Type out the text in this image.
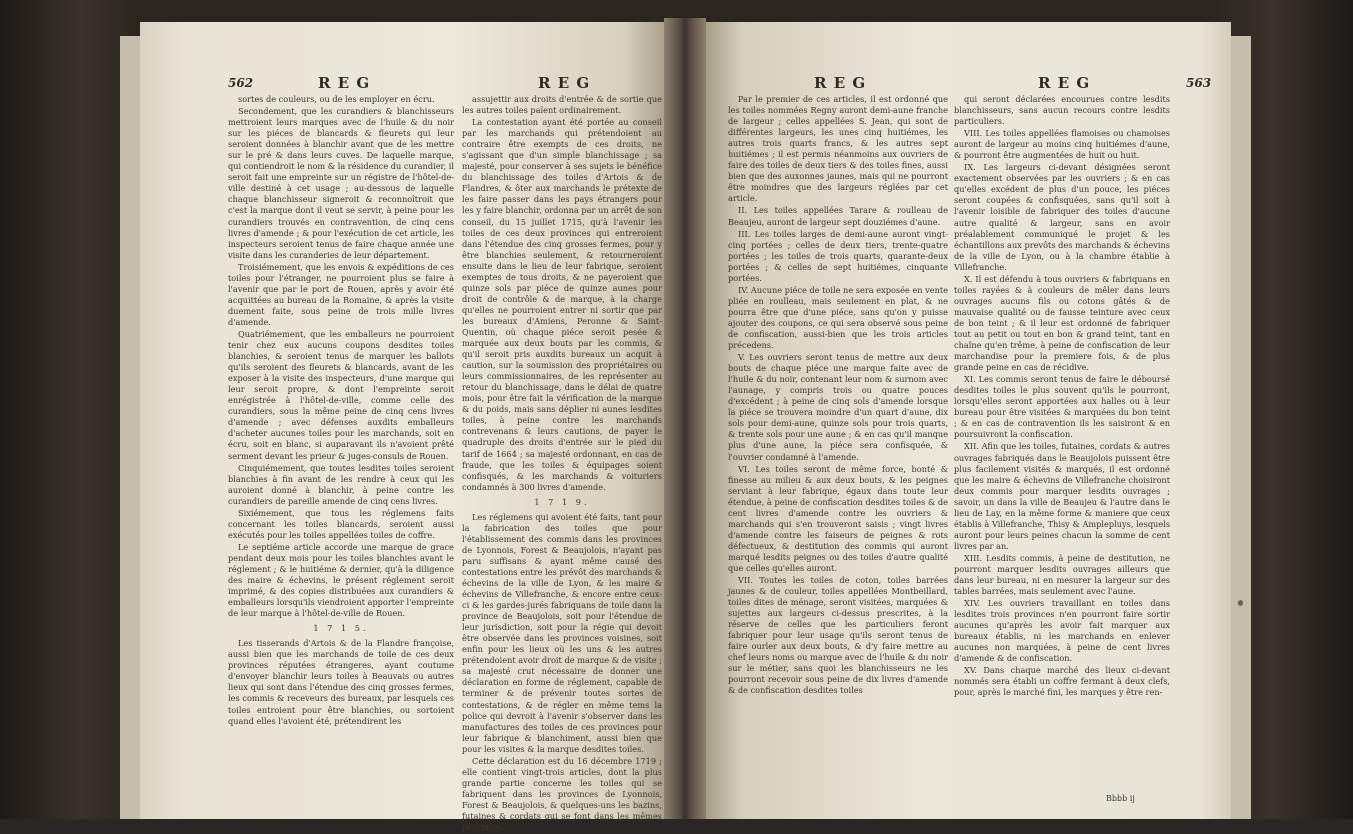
562	R E G	R E G

sortes de couleurs, ou de les employer en écru.

Secondement, que les curandiers & blanchisseurs mettroient leurs marques avec de l'huile & du noir sur les piéces de blancards & fleurets qui leur seroient données à blanchir avant que de les mettre sur le pré & dans leurs cuves. De laquelle marque, qui contiendroit le nom & la résidence du curandier, il seroit fait une empreinte sur un régistre de l'hôtel-de-ville destiné à cet usage ; au-dessous de laquelle chaque blanchisseur signeroit & reconnoîtroit que c'est la marque dont il veut se servir, à peine pour les curandiers trouvés en contravention, de cinq cens livres d'amende ; & pour l'exécution de cet article, les inspecteurs seroient tenus de faire chaque année une visite dans les curanderies de leur département.

Troisiémement, que les envois & expéditions de ces toiles pour l'étranger, ne pourroient plus se faire à l'avenir que par le port de Rouen, après y avoir été acquittées au bureau de la Romaine, & après la visite duement faite, sous peine de trois mille livres d'amende.

Quatriémement, que les emballeurs ne pourroient tenir chez eux aucuns coupons desdites toiles blanchies, & seroient tenus de marquer les ballots qu'ils seroient des fleurets & blancards, avant de les exposer à la visite des inspecteurs, d'une marque qui leur seroit propre, & dont l'empreinte seroit enrégistrée à l'hôtel-de-ville, comme celle des curandiers, sous la même peine de cinq cens livres d'amende ; avec défenses auxdits emballeurs d'acheter aucunes toiles pour les marchands, soit en écru, soit en blanc, si auparavant ils n'avoient prêté serment devant les prieur & juges-consuls de Rouen.

Cinquiémement, que toutes lesdites toiles seroient blanchies à fin avant de les rendre à ceux qui les auroient donné à blanchir, à peine contre les curandiers de pareille amende de cinq cens livres.

Sixiémement, que tous les réglemens faits concernant les toiles blancards, seroient aussi exécutés pour les toiles appellées toiles de coffre.

Le septiéme article accorde une marque de grace pendant deux mois pour les toiles blanchies avant le réglement ; & le huitiéme & dernier, qu'à la diligence des maire & échevins, le présent réglement seroit imprimé, & des copies distribuées aux curandiers & emballeurs lorsqu'ils viendroient apporter l'empreinte de leur marque à l'hôtel-de-ville de Rouen.

1 7 1 5.

Les tisserands d'Artois & de la Flandre françoise, aussi bien que les marchands de toile de ces deux provinces réputées étrangeres, ayant coutume d'envoyer blanchir leurs toiles à Beauvais ou autres lieux qui sont dans l'étendue des cinq grosses fermes, les commis & receveurs des bureaux, par lesquels ces toiles entroient pour être blanchies, ou sortoient quand elles l'avoient été, prétendirent les

assujettir aux droits d'entrée & de sortie que les autres toiles païent ordinairement.

La contestation ayant été portée au conseil par les marchands qui prétendoient au contraire être exempts de ces droits, ne s'agissant que d'un simple blanchissage ; sa majesté, pour conserver à ses sujets le bénéfice du blanchissage des toiles d'Artois & de Flandres, & ôter aux marchands le prétexte de les faire passer dans les pays étrangers pour les y faire blanchir, ordonna par un arrêt de son conseil, du 15 juillet 1715, qu'à l'avenir les toiles de ces deux provinces qui entreroient dans l'étendue des cinq grosses fermes, pour y être blanchies seulement, & retourneroient ensuite dans le lieu de leur fabrique, seroient exemptes de tous droits, & ne payeroient que quinze sols par piéce de quinze aunes pour droit de contrôle & de marque, à la charge qu'elles ne pourroient entrer ni sortir que par les bureaux d'Amiens, Peronne & Saint-Quentin, où chaque piéce seroit pesée & marquée aux deux bouts par les commis, & qu'il seroit pris auxdits bureaux un acquit à caution, sur la soumission des propriétaires ou leurs commissionnaires, de les représenter au retour du blanchissage, dans le délai de quatre mois, pour être fait la vérification de la marque & du poids, mais sans déplier ni aunes lesdites toiles, à peine contre les marchands contrevenans & leurs cautions, de payer le quadruple des droits d'entrée sur le pied du tarif de 1664 ; sa majesté ordonnant, en cas de fraude, que les toiles & équipages soient confisqués, & les marchands & voituriers condamnés à 300 livres d'amende.

1 7 1 9.

Les réglemens qui avoient été faits, tant pour la fabrication des toiles que pour l'établissement des commis dans les provinces de Lyonnois, Forest & Beaujolois, n'ayant pas paru suffisans & ayant même causé des contestations entre les prévôt des marchands & échevins de la ville de Lyon, & les maire & échevins de Villefranche, & encore entre ceux-ci & les gardes-jurés fabriquans de toile dans la province de Beaujolois, soit pour l'étendue de leur jurisdiction, soit pour la régie qui devoit être observée dans les provinces voisines, soit enfin pour les lieux où les uns & les autres prétendoient avoir droit de marque & de visite ; sa majesté crut nécessaire de donner une déclaration en forme de réglement, capable de terminer & de prévenir toutes sortes de contestations, & de régler en même tems la police qui devroit à l'avenir s'observer dans les manufactures des toiles de ces provinces pour leur fabrique & blanchiment, aussi bien que pour les visites & la marque desdites toiles.

Cette déclaration est du 16 décembre 1719 ; elle contient vingt-trois articles, dont la plus grande partie concerne les toiles qui se fabriquent dans les provinces de Lyonnois, Forest & Beaujolois, & quelques-uns les bazins, futaines & cordats qui se font dans les mêmes provinces.

R E G	R E G	563

Par le premier de ces articles, il est ordonné que les toiles nommées Regny auront demi-aune franche de largeur ; celles appellées S. Jean, qui sont de différentes largeurs, les unes cinq huitiémes, les autres trois quarts francs, & les autres sept huitiémes ; il est permis néanmoins aux ouvriers de faire des toiles de deux tiers & des toiles fines, aussi bien que des auxonnes jaunes, mais qui ne pourront être moindres que des largeurs réglées par cet article.

II. Les toiles appellées Tarare & roulleau de Beaujeu, auront de largeur sept douziémes d'aune.

III. Les toiles larges de demi-aune auront vingt-cinq portées ; celles de deux tiers, trente-quatre portées ; les toiles de trois quarts, quarante-deux portées ; & celles de sept huitiémes, cinquante portées.

IV. Aucune piéce de toile ne sera exposée en vente pliée en roulleau, mais seulement en plat, & ne pourra être que d'une piéce, sans qu'on y puisse ajouter des coupons, ce qui sera observé sous peine de confiscation, aussi-bien que les trois articles précedens.

V. Les ouvriers seront tenus de mettre aux deux bouts de chaque piéce une marque faite avec de l'huile & du noir, contenant leur nom & surnom avec l'aunage, y compris trois ou quatre pouces d'excédent ; à peine de cinq sols d'amende lorsque la piéce se trouvera moindre d'un quart d'aune, dix sols pour demi-aune, quinze sols pour trois quarts, & trente sols pour une aune ; & en cas qu'il manque plus d'une aune, la piéce sera confisquée, & l'ouvrier condamné à l'amende.

VI. Les toiles seront de même force, bonté & finesse au milieu & aux deux bouts, & les peignes serviant à leur fabrique, égaux dans toute leur étendue, à peine de confiscation desdites toiles & de cent livres d'amende contre les ouvriers & marchands qui s'en trouveront saisis ; vingt livres d'amende contre les faiseurs de peignes & rots défectueux, & destitution des commis qui auront marqué lesdits peignes ou des toiles d'autre qualité que celles qu'elles auront.

VII. Toutes les toiles de coton, toiles barrées jaunes & de couleur, toiles appellées Montbeillard, toiles dites de ménage, seront visitées, marquées & sujettes aux largeurs ci-dessus prescrites, à la réserve de celles que les particuliers feront fabriquer pour leur usage qu'ils seront tenus de faire ourler aux deux bouts, & d'y faire mettre au chef leurs noms ou marque avec de l'huile & du noir sur le métier, sans quoi les blanchisseurs ne les pourront recevoir sous peine de dix livres d'amende & de confiscation desdites toiles

qui seront déclarées encourues contre lesdits blanchisseurs, sans aucun recours contre lesdits particuliers.

VIII. Les toiles appellées flamoises ou chamoises auront de largeur au moins cinq huitiémes d'aune, & pourront être augmentées de huit ou huit.

IX. Les largeurs ci-devant désignées seront exactement observées par les ouvriers ; & en cas qu'elles excédent de plus d'un pouce, les piéces seront coupées & confisquées, sans qu'il soit à l'avenir loisible de fabriquer des toiles d'aucune autre qualité & largeur, sans en avoir préalablement communiqué le projet & les échantillons aux prevôts des marchands & échevins de la ville de Lyon, ou à la chambre établie à Villefranche.

X. Il est défendu à tous ouvriers & fabriquans en toiles rayées & à couleurs de mêler dans leurs ouvrages aucuns fils ou cotons gâtés & de mauvaise qualité ou de fausse teinture avec ceux de bon teint ; & il leur est ordonné de fabriquer tout au petit ou tout en bon & grand teint, tant en chaîne qu'en trême, à peine de confiscation de leur marchandise pour la premiere fois, & de plus grande peine en cas de récidive.

XI. Les commis seront tenus de faire le déboursé desdites toiles le plus souvent qu'ils le pourront, lorsqu'elles seront apportées aux halles ou à leur bureau pour être visitées & marquées du bon teint ; & en cas de contravention ils les saisiront & en poursuivront la confiscation.

XII. Afin que les toiles, futaines, cordats & autres ouvrages fabriqués dans le Beaujolois puissent être plus facilement visités & marqués, il est ordonné que les maire & échevins de Villefranche choisiront deux commis pour marquer lesdits ouvrages ; savoir, un dans la ville de Beaujeu & l'autre dans le lieu de Lay, en la même forme & maniere que ceux établis à Villefranche, Thisy & Amplepluys, lesquels auront pour leurs peines chacun la somme de cent livres par an.

XIII. Lesdits commis, à peine de destitution, ne pourront marquer lesdits ouvrages ailleurs que dans leur bureau, ni en mesurer la largeur sur des tables barrées, mais seulement avec l'aune.

XIV. Les ouvriers travaillant en toiles dans lesdites trois provinces n'en pourront faire sortir aucunes qu'après les avoir fait marquer aux bureaux établis, ni les marchands en enlever aucunes non marquées, à peine de cent livres d'amende & de confiscation.

XV. Dans chaque marché des lieux ci-devant nommés sera établi un coffre fermant à deux clefs, pour, après le marché fini, les marques y être ren-

Bbbb ij
